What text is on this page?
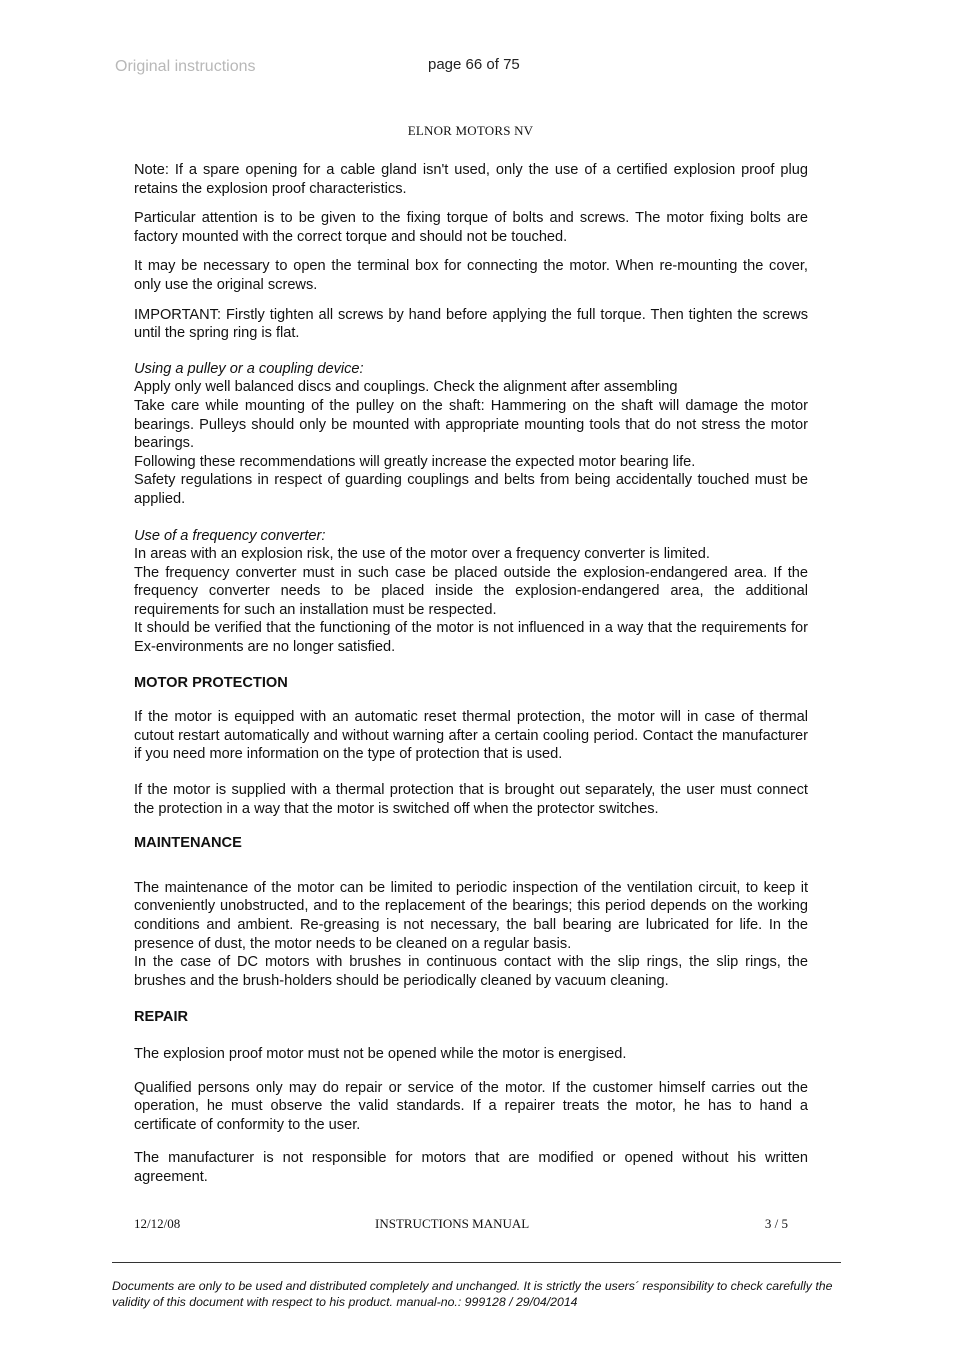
Original instructions	page 66 of 75
ELNOR MOTORS NV

Note: If a spare opening for a cable gland isn't used, only the use of a certified explosion proof plug retains the explosion proof characteristics.

Particular attention is to be given to the fixing torque of bolts and screws. The motor fixing bolts are factory mounted with the correct torque and should not be touched.

It may be necessary to open the terminal box for connecting the motor. When re-mounting the cover, only use the original screws.

IMPORTANT: Firstly tighten all screws by hand before applying the full torque. Then tighten the screws until the spring ring is flat.

Using a pulley or a coupling device:

Apply only well balanced discs and couplings. Check the alignment after assembling

Take care while mounting of the pulley on the shaft: Hammering on the shaft will damage the motor bearings. Pulleys should only be mounted with appropriate mounting tools that do not stress the motor bearings.

Following these recommendations will greatly increase the expected motor bearing life.

Safety regulations in respect of guarding couplings and belts from being accidentally touched must be applied.

Use of a frequency converter:

In areas with an explosion risk, the use of the motor over a frequency converter is limited.

The frequency converter must in such case be placed outside the explosion-endangered area. If the frequency converter needs to be placed inside the explosion-endangered area, the additional requirements for such an installation must be respected.

It should be verified that the functioning of the motor is not influenced in a way that the requirements for Ex-environments are no longer satisfied.

MOTOR PROTECTION

If the motor is equipped with an automatic reset thermal protection, the motor will in case of thermal cutout restart automatically and without warning after a certain cooling period. Contact the manufacturer if you need more information on the type of protection that is used.

If the motor is supplied with a thermal protection that is brought out separately, the user must connect the protection in a way that the motor is switched off when the protector switches.

MAINTENANCE

The maintenance of the motor can be limited to periodic inspection of the ventilation circuit, to keep it conveniently unobstructed, and to the replacement of the bearings; this period depends on the working conditions and ambient. Re-greasing is not necessary, the ball bearing are lubricated for life. In the presence of dust, the motor needs to be cleaned on a regular basis.

In the case of DC motors with brushes in continuous contact with the slip rings, the slip rings, the brushes and the brush-holders should be periodically cleaned by vacuum cleaning.

REPAIR

The explosion proof motor must not be opened while the motor is energised.

Qualified persons only may do repair or service of the motor. If the customer himself carries out the operation, he must observe the valid standards. If a repairer treats the motor, he has to hand a certificate of conformity to the user.

The manufacturer is not responsible for motors that are modified or opened without his written agreement.

12/12/08	INSTRUCTIONS MANUAL	3 / 5
Documents are only to be used and distributed completely and unchanged. It is strictly the users´ responsibility to check carefully the validity of this document with respect to his product. manual-no.: 999128 / 29/04/2014
